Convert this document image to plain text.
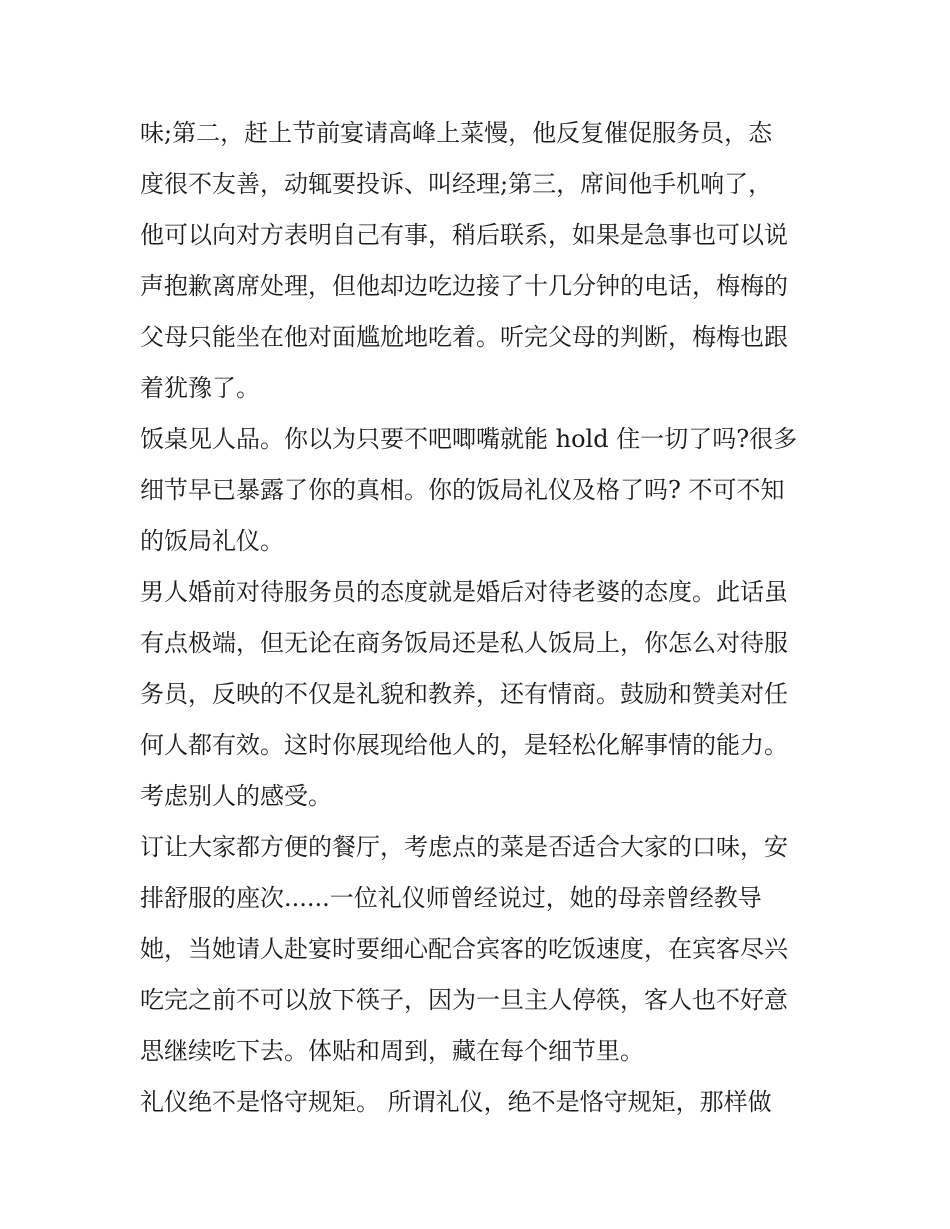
味;第二，赶上节前宴请高峰上菜慢，他反复催促服务员，态
度很不友善，动辄要投诉、叫经理;第三，席间他手机响了，
他可以向对方表明自己有事，稍后联系，如果是急事也可以说
声抱歉离席处理，但他却边吃边接了十几分钟的电话，梅梅的
父母只能坐在他对面尴尬地吃着。听完父母的判断，梅梅也跟
着犹豫了。
饭桌见人品。你以为只要不吧唧嘴就能 hold 住一切了吗?很多
细节早已暴露了你的真相。你的饭局礼仪及格了吗? 不可不知
的饭局礼仪。
男人婚前对待服务员的态度就是婚后对待老婆的态度。此话虽
有点极端，但无论在商务饭局还是私人饭局上，你怎么对待服
务员，反映的不仅是礼貌和教养，还有情商。鼓励和赞美对任
何人都有效。这时你展现给他人的，是轻松化解事情的能力。
考虑别人的感受。
订让大家都方便的餐厅，考虑点的菜是否适合大家的口味，安
排舒服的座次......一位礼仪师曾经说过，她的母亲曾经教导
她，当她请人赴宴时要细心配合宾客的吃饭速度，在宾客尽兴
吃完之前不可以放下筷子，因为一旦主人停筷，客人也不好意
思继续吃下去。体贴和周到，藏在每个细节里。
礼仪绝不是恪守规矩。 所谓礼仪，绝不是恪守规矩，那样做
